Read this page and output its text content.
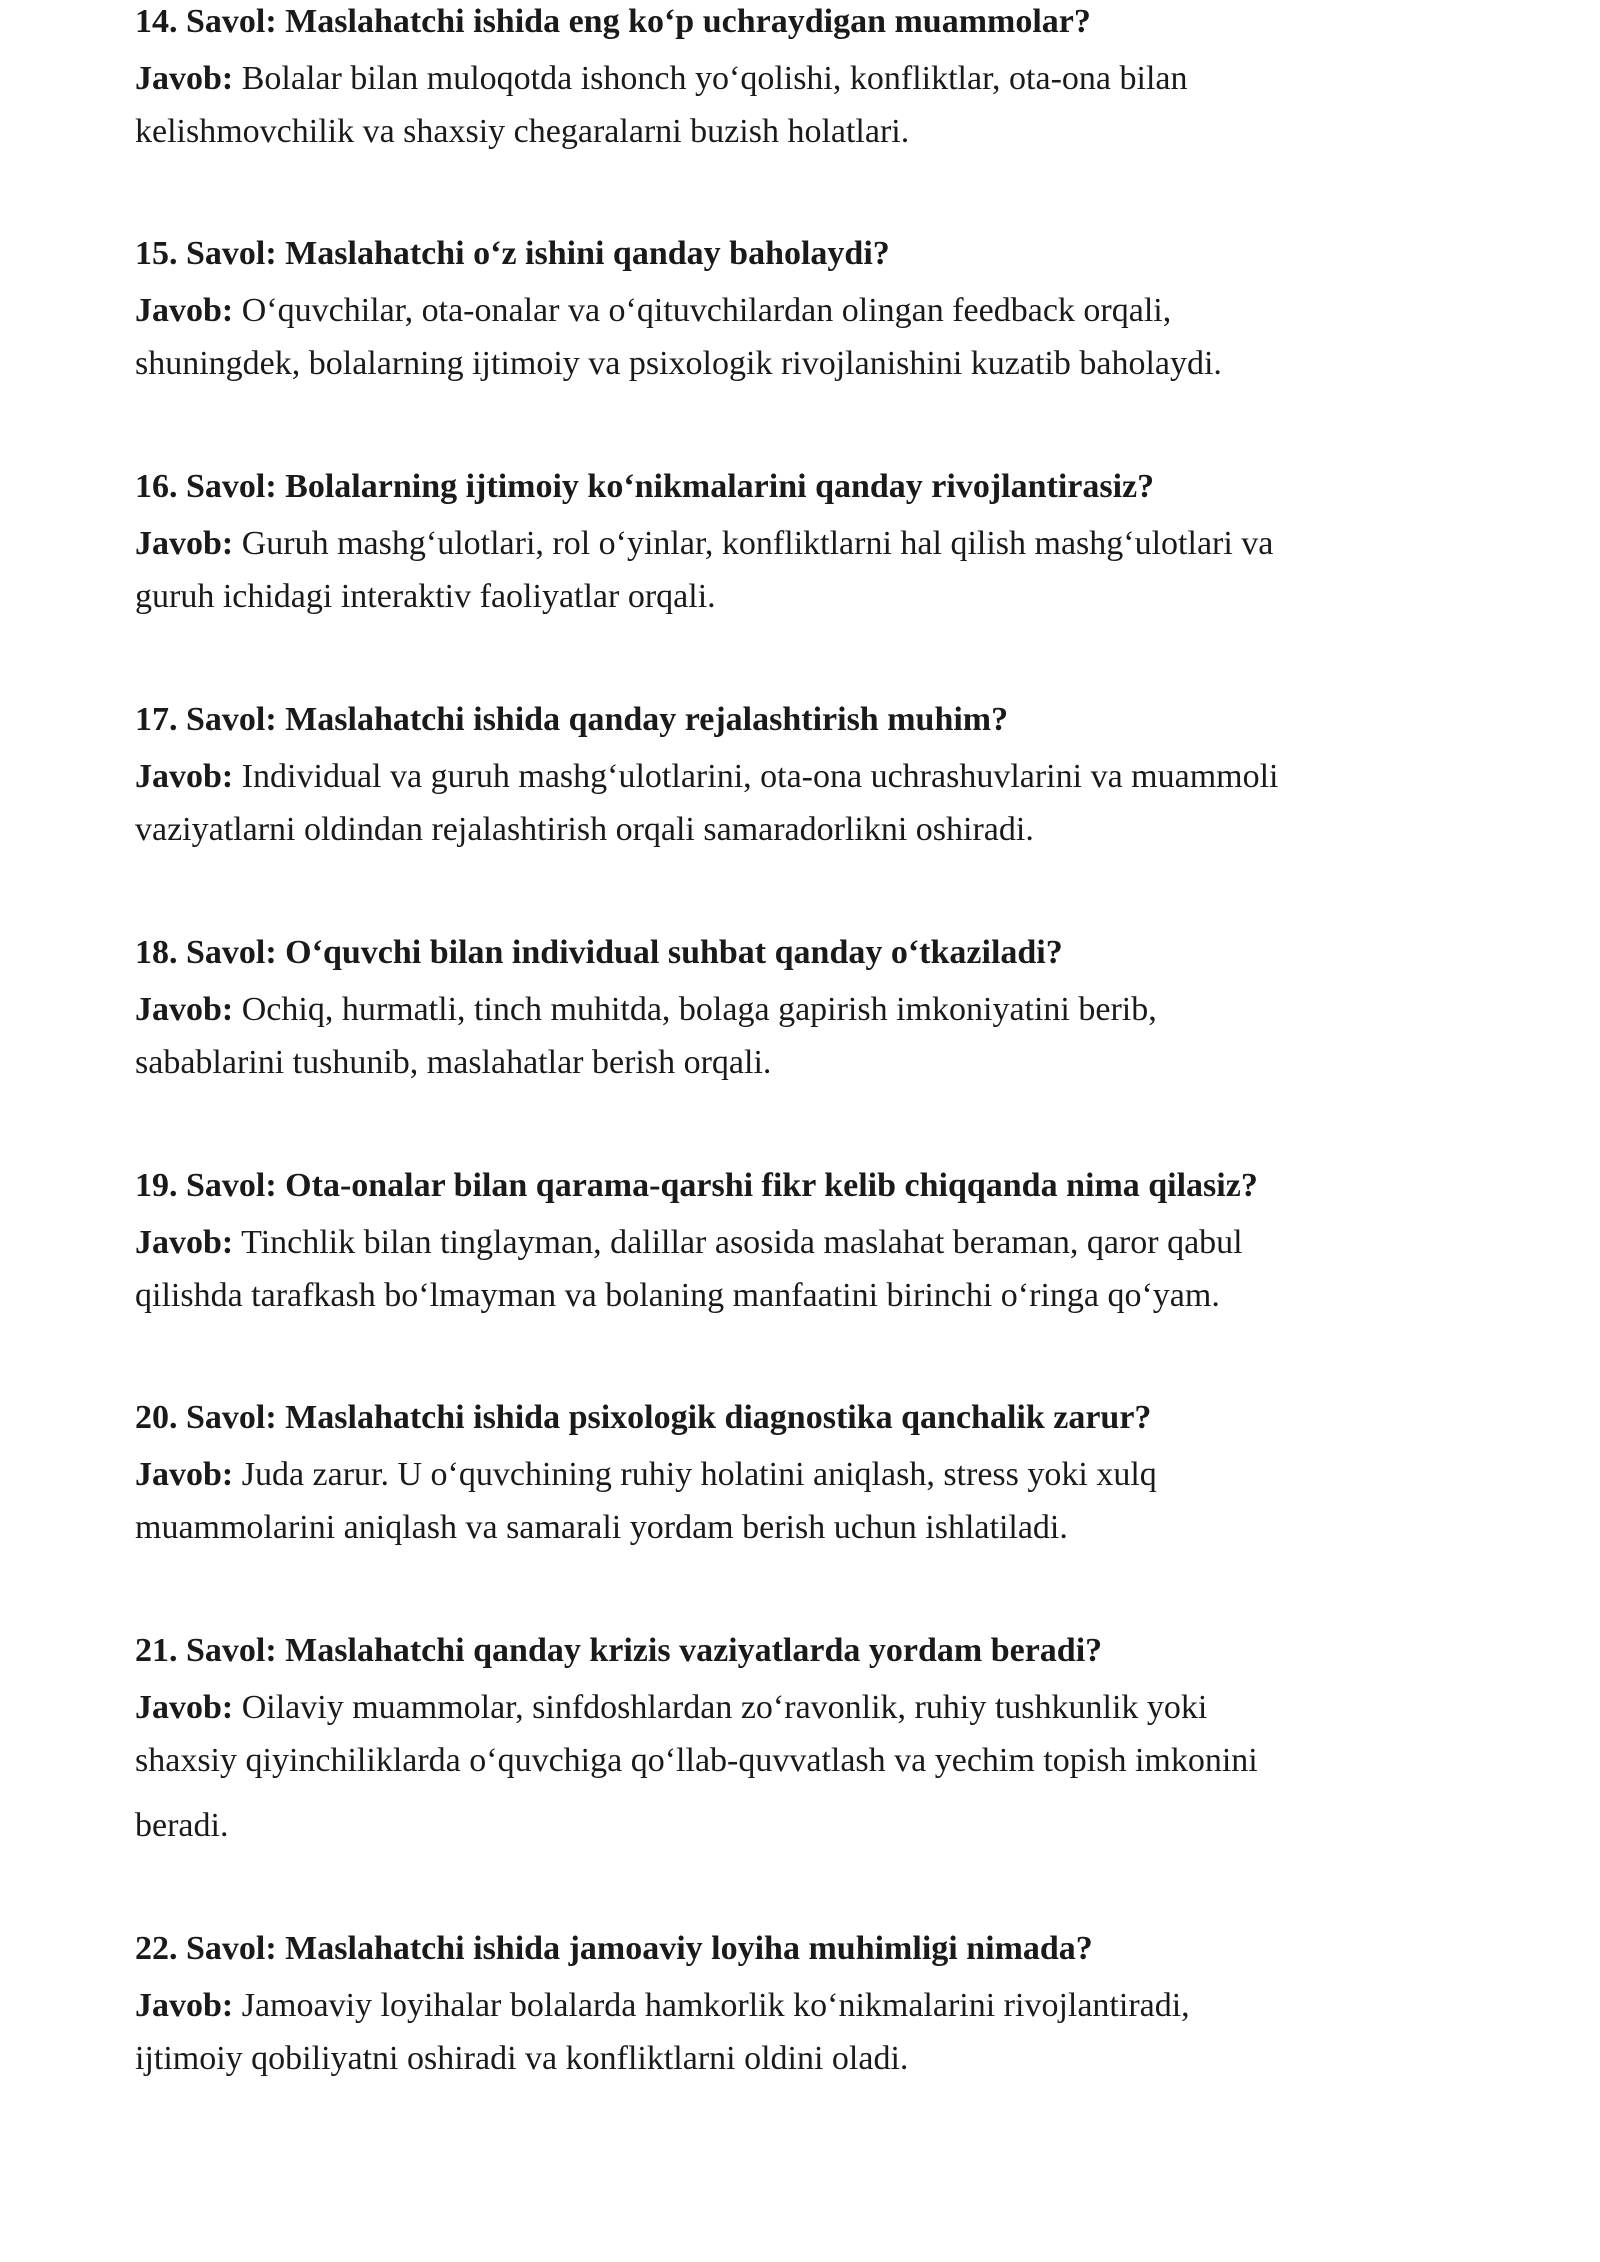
14. Savol: Maslahatchi ishida eng ko‘p uchraydigan muammolar?

Javob: Bolalar bilan muloqotda ishonch yo‘qolishi, konfliktlar, ota-ona bilan
kelishmovchilik va shaxsiy chegaralarni buzish holatlari.

15. Savol: Maslahatchi o‘z ishini qanday baholaydi?

Javob: O‘quvchilar, ota-onalar va o‘qituvchilardan olingan feedback orqali,
shuningdek, bolalarning ijtimoiy va psixologik rivojlanishini kuzatib baholaydi.

16. Savol: Bolalarning ijtimoiy ko‘nikmalarini qanday rivojlantirasiz?

Javob: Guruh mashg‘ulotlari, rol o‘yinlar, konfliktlarni hal qilish mashg‘ulotlari va
guruh ichidagi interaktiv faoliyatlar orqali.

17. Savol: Maslahatchi ishida qanday rejalashtirish muhim?

Javob: Individual va guruh mashg‘ulotlarini, ota-ona uchrashuvlarini va muammoli
vaziyatlarni oldindan rejalashtirish orqali samaradorlikni oshiradi.

18. Savol: O‘quvchi bilan individual suhbat qanday o‘tkaziladi?

Javob: Ochiq, hurmatli, tinch muhitda, bolaga gapirish imkoniyatini berib,
sabablarini tushunib, maslahatlar berish orqali.

19. Savol: Ota-onalar bilan qarama-qarshi fikr kelib chiqqanda nima qilasiz?

Javob: Tinchlik bilan tinglayman, dalillar asosida maslahat beraman, qaror qabul
qilishda tarafkash bo‘lmayman va bolaning manfaatini birinchi o‘ringa qo‘yam.

20. Savol: Maslahatchi ishida psixologik diagnostika qanchalik zarur?

Javob: Juda zarur. U o‘quvchining ruhiy holatini aniqlash, stress yoki xulq
muammolarini aniqlash va samarali yordam berish uchun ishlatiladi.

21. Savol: Maslahatchi qanday krizis vaziyatlarda yordam beradi?

Javob: Oilaviy muammolar, sinfdoshlardan zo‘ravonlik, ruhiy tushkunlik yoki
shaxsiy qiyinchiliklarda o‘quvchiga qo‘llab-quvvatlash va yechim topish imkonini
beradi.

22. Savol: Maslahatchi ishida jamoaviy loyiha muhimligi nimada?

Javob: Jamoaviy loyihalar bolalarda hamkorlik ko‘nikmalarini rivojlantiradi,
ijtimoiy qobiliyatni oshiradi va konfliktlarni oldini oladi.
